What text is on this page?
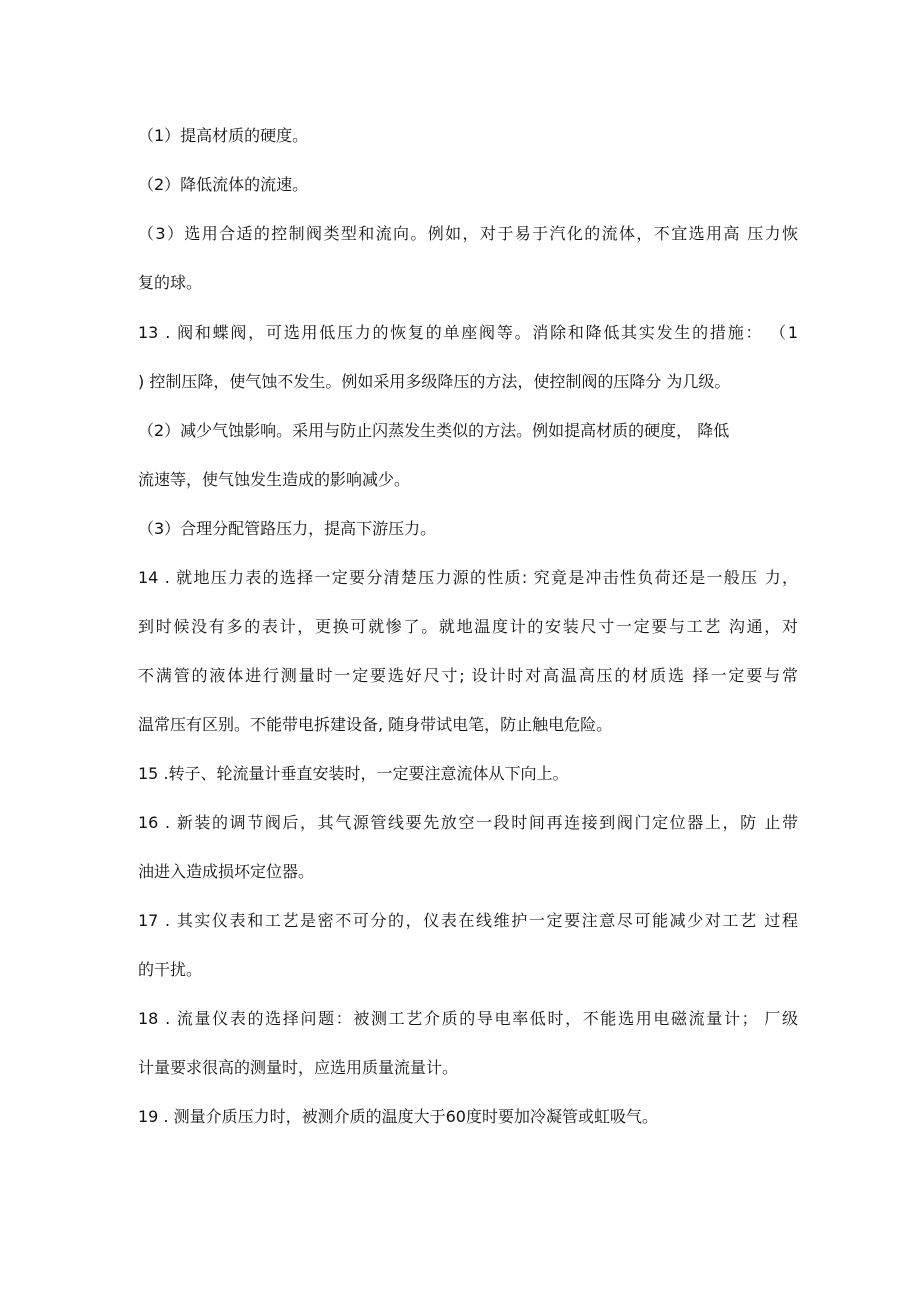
（1）提高材质的硬度。
（2）降低流体的流速。
（3）选用合适的控制阀类型和流向。例如，对于易于汽化的流体，不宜选用高 压力恢
复的球。
13 . 阀和蝶阀，可选用低压力的恢复的单座阀等。消除和降低其实发生的措施： （1
) 控制压降，使气蚀不发生。例如采用多级降压的方法，使控制阀的压降分 为几级。
（2）减少气蚀影响。采用与防止闪蒸发生类似的方法。例如提高材质的硬度， 降低
流速等，使气蚀发生造成的影响减少。
（3）合理分配管路压力，提高下游压力。
14 . 就地压力表的选择一定要分清楚压力源的性质: 究竟是冲击性负荷还是一般压 力，
到时候没有多的表计，更换可就惨了。就地温度计的安装尺寸一定要与工艺 沟通，对
不满管的液体进行测量时一定要选好尺寸; 设计时对高温高压的材质选 择一定要与常
温常压有区别。不能带电拆建设备, 随身带试电笔，防止触电危险。
15 .转子、轮流量计垂直安装时，一定要注意流体从下向上。
16 . 新装的调节阀后，其气源管线要先放空一段时间再连接到阀门定位器上，防 止带
油进入造成损坏定位器。
17 . 其实仪表和工艺是密不可分的，仪表在线维护一定要注意尽可能减少对工艺 过程
的干扰。
18 . 流量仪表的选择问题：被测工艺介质的导电率低时，不能选用电磁流量计； 厂级
计量要求很高的测量时，应选用质量流量计。
19 . 测量介质压力时，被测介质的温度大于60度时要加冷凝管或虹吸气。
